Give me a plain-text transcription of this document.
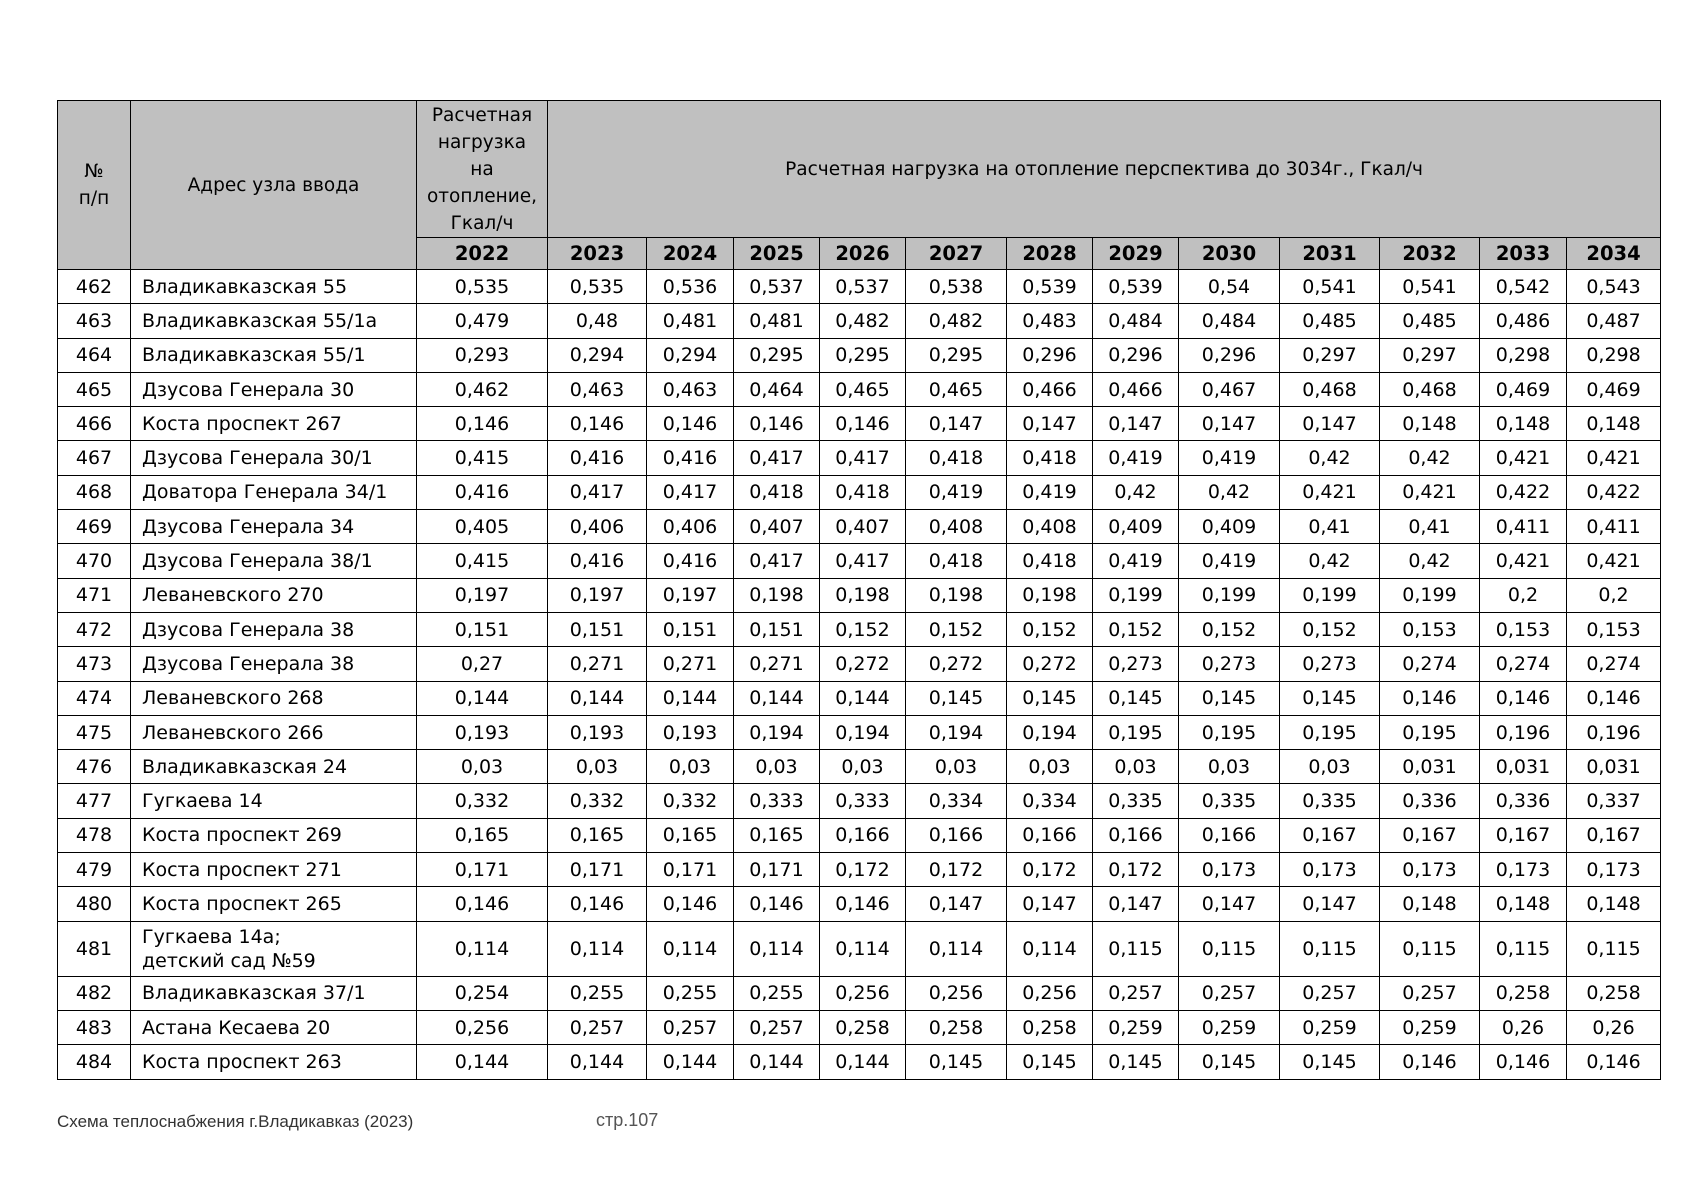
№
п/п	Адрес узла ввода	Расчетная
нагрузка
на
отопление,
Гкал/ч	Расчетная нагрузка на отопление перспектива до 3034г., Гкал/ч											
		2022	2023	2024	2025	2026	2027	2028	2029	2030	2031	2032	2033	2034
462	Владикавказская 55	0,535	0,535	0,536	0,537	0,537	0,538	0,539	0,539	0,54	0,541	0,541	0,542	0,543
463	Владикавказская 55/1а	0,479	0,48	0,481	0,481	0,482	0,482	0,483	0,484	0,484	0,485	0,485	0,486	0,487
464	Владикавказская 55/1	0,293	0,294	0,294	0,295	0,295	0,295	0,296	0,296	0,296	0,297	0,297	0,298	0,298
465	Дзусова Генерала 30	0,462	0,463	0,463	0,464	0,465	0,465	0,466	0,466	0,467	0,468	0,468	0,469	0,469
466	Коста проспект 267	0,146	0,146	0,146	0,146	0,146	0,147	0,147	0,147	0,147	0,147	0,148	0,148	0,148
467	Дзусова Генерала 30/1	0,415	0,416	0,416	0,417	0,417	0,418	0,418	0,419	0,419	0,42	0,42	0,421	0,421
468	Доватора Генерала 34/1	0,416	0,417	0,417	0,418	0,418	0,419	0,419	0,42	0,42	0,421	0,421	0,422	0,422
469	Дзусова Генерала 34	0,405	0,406	0,406	0,407	0,407	0,408	0,408	0,409	0,409	0,41	0,41	0,411	0,411
470	Дзусова Генерала 38/1	0,415	0,416	0,416	0,417	0,417	0,418	0,418	0,419	0,419	0,42	0,42	0,421	0,421
471	Леваневского 270	0,197	0,197	0,197	0,198	0,198	0,198	0,198	0,199	0,199	0,199	0,199	0,2	0,2
472	Дзусова Генерала 38	0,151	0,151	0,151	0,151	0,152	0,152	0,152	0,152	0,152	0,152	0,153	0,153	0,153
473	Дзусова Генерала 38	0,27	0,271	0,271	0,271	0,272	0,272	0,272	0,273	0,273	0,273	0,274	0,274	0,274
474	Леваневского 268	0,144	0,144	0,144	0,144	0,144	0,145	0,145	0,145	0,145	0,145	0,146	0,146	0,146
475	Леваневского 266	0,193	0,193	0,193	0,194	0,194	0,194	0,194	0,195	0,195	0,195	0,195	0,196	0,196
476	Владикавказская 24	0,03	0,03	0,03	0,03	0,03	0,03	0,03	0,03	0,03	0,03	0,031	0,031	0,031
477	Гугкаева 14	0,332	0,332	0,332	0,333	0,333	0,334	0,334	0,335	0,335	0,335	0,336	0,336	0,337
478	Коста проспект 269	0,165	0,165	0,165	0,165	0,166	0,166	0,166	0,166	0,166	0,167	0,167	0,167	0,167
479	Коста проспект 271	0,171	0,171	0,171	0,171	0,172	0,172	0,172	0,172	0,173	0,173	0,173	0,173	0,173
480	Коста проспект 265	0,146	0,146	0,146	0,146	0,146	0,147	0,147	0,147	0,147	0,147	0,148	0,148	0,148
481	Гугкаева 14а;
детский сад №59	0,114	0,114	0,114	0,114	0,114	0,114	0,114	0,115	0,115	0,115	0,115	0,115	0,115
482	Владикавказская 37/1	0,254	0,255	0,255	0,255	0,256	0,256	0,256	0,257	0,257	0,257	0,257	0,258	0,258
483	Астана Кесаева 20	0,256	0,257	0,257	0,257	0,258	0,258	0,258	0,259	0,259	0,259	0,259	0,26	0,26
484	Коста проспект 263	0,144	0,144	0,144	0,144	0,144	0,145	0,145	0,145	0,145	0,145	0,146	0,146	0,146
Схема теплоснабжения г.Владикавказ (2023)	стр.107
